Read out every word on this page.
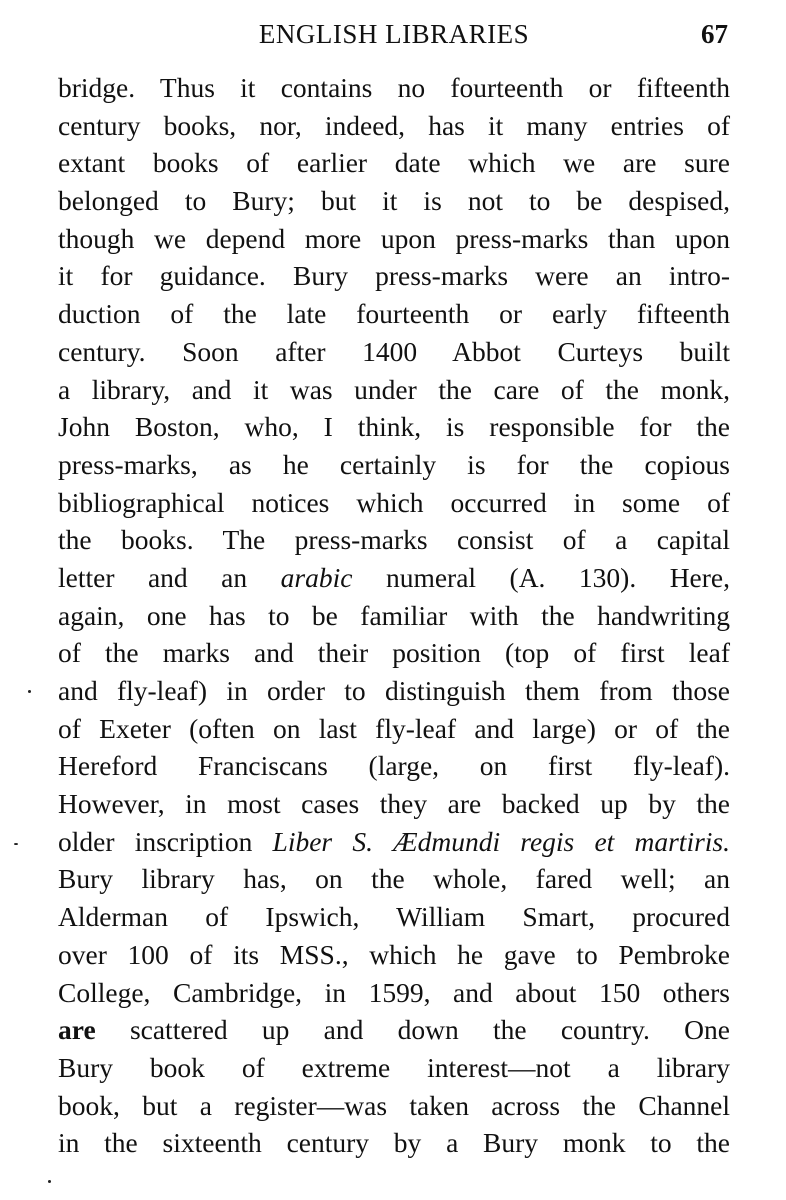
ENGLISH LIBRARIES	67
bridge. Thus it contains no fourteenth or fifteenth
century books, nor, indeed, has it many entries of
extant books of earlier date which we are sure
belonged to Bury; but it is not to be despised,
though we depend more upon press-marks than upon
it for guidance. Bury press-marks were an intro-
duction of the late fourteenth or early fifteenth
century. Soon after 1400 Abbot Curteys built
a library, and it was under the care of the monk,
John Boston, who, I think, is responsible for the
press-marks, as he certainly is for the copious
bibliographical notices which occurred in some of
the books. The press-marks consist of a capital
letter and an arabic numeral (A. 130). Here,
again, one has to be familiar with the handwriting
of the marks and their position (top of first leaf
and fly-leaf) in order to distinguish them from those
of Exeter (often on last fly-leaf and large) or of the
Hereford Franciscans (large, on first fly-leaf).
However, in most cases they are backed up by the
older inscription Liber S. Ædmundi regis et martiris.
Bury library has, on the whole, fared well; an
Alderman of Ipswich, William Smart, procured
over 100 of its MSS., which he gave to Pembroke
College, Cambridge, in 1599, and about 150 others
are scattered up and down the country. One
Bury book of extreme interest—not a library
book, but a register—was taken across the Channel
in the sixteenth century by a Bury monk to the
